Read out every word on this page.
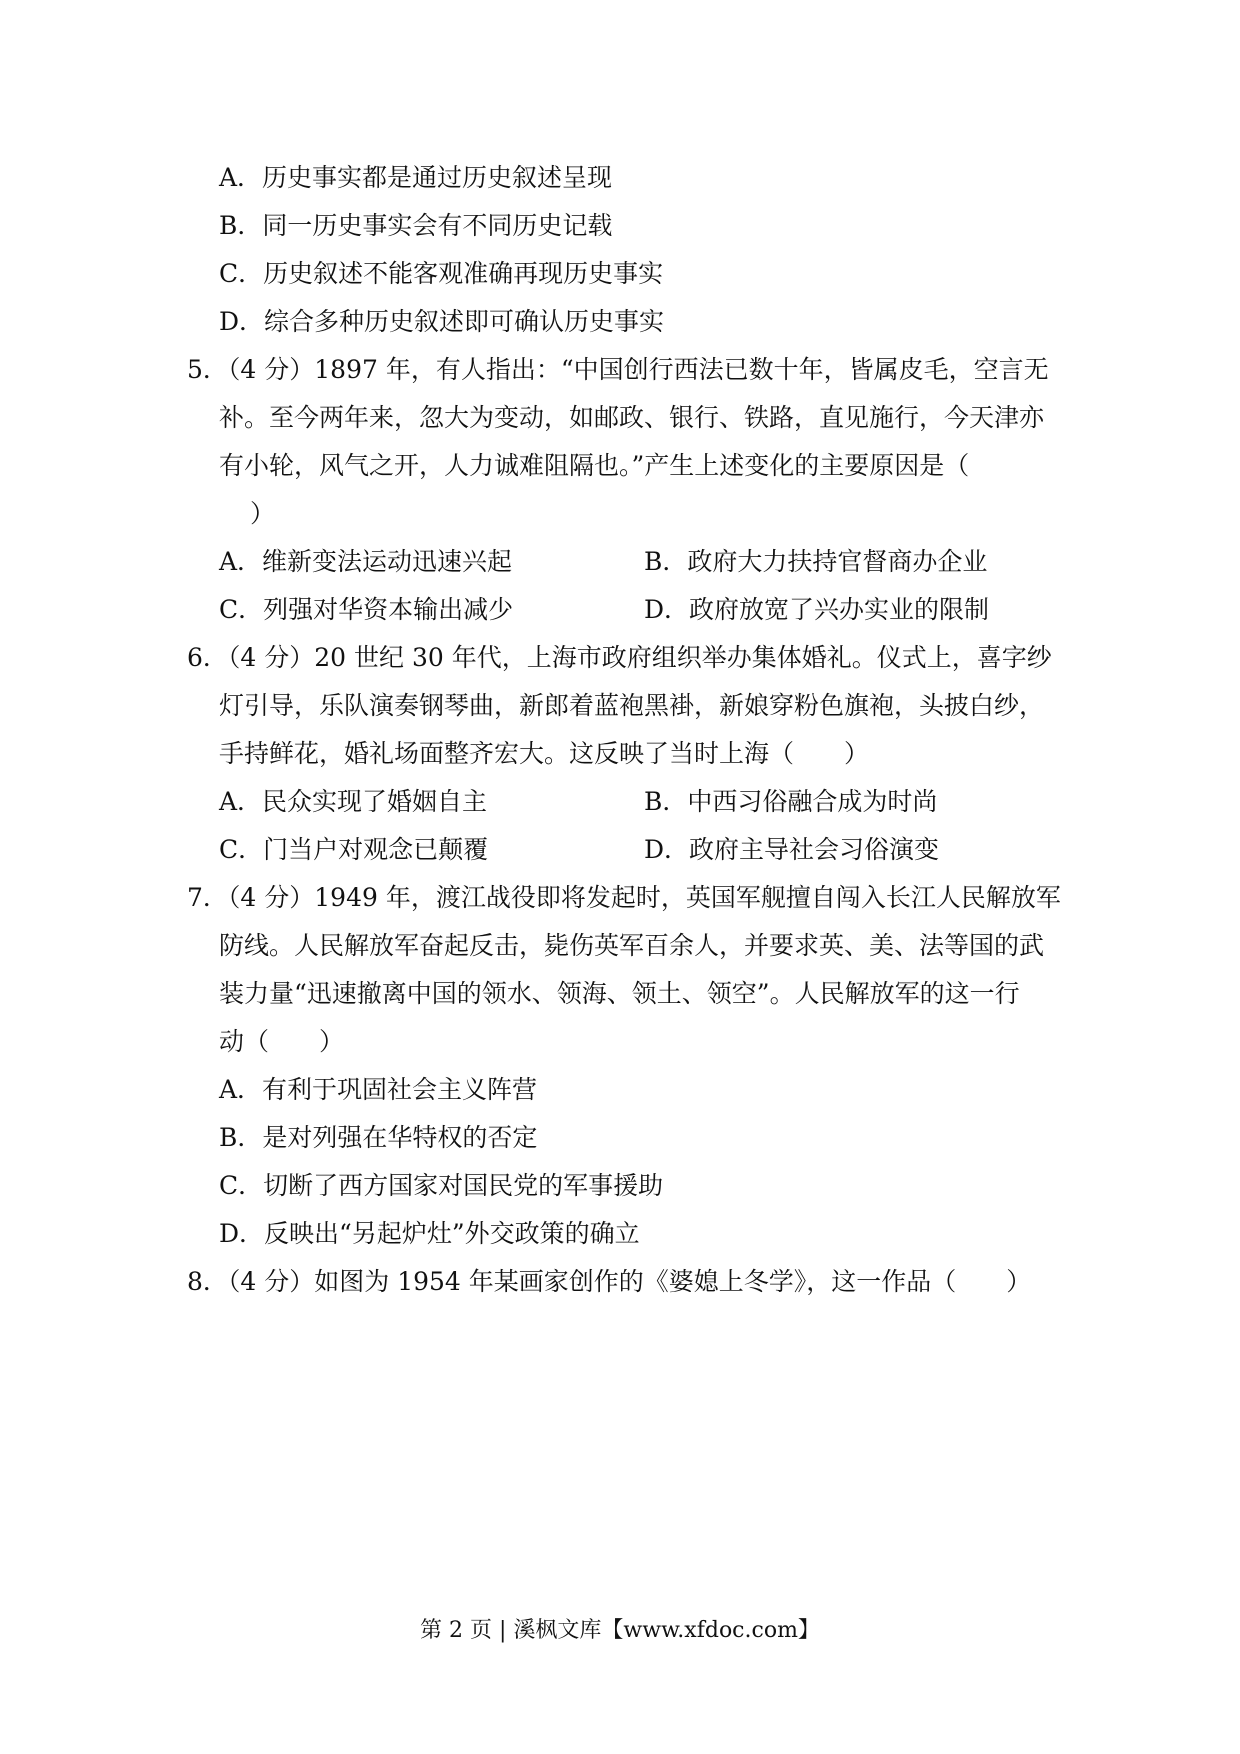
A．历史事实都是通过历史叙述呈现
B．同一历史事实会有不同历史记载
C．历史叙述不能客观准确再现历史事实
D．综合多种历史叙述即可确认历史事实
5．（4 分）1897 年，有人指出：“中国创行西法已数十年，皆属皮毛，空言无
补。至今两年来，忽大为变动，如邮政、银行、铁路，直见施行，今天津亦
有小轮，风气之开，人力诚难阻隔也。”产生上述变化的主要原因是（
）
A．维新变法运动迅速兴起	B．政府大力扶持官督商办企业
C．列强对华资本输出减少	D．政府放宽了兴办实业的限制
6．（4 分）20 世纪 30 年代，上海市政府组织举办集体婚礼。仪式上，喜字纱
灯引导，乐队演奏钢琴曲，新郎着蓝袍黑褂，新娘穿粉色旗袍，头披白纱，
手持鲜花，婚礼场面整齐宏大。这反映了当时上海（　　）
A．民众实现了婚姻自主	B．中西习俗融合成为时尚
C．门当户对观念已颠覆	D．政府主导社会习俗演变
7．（4 分）1949 年，渡江战役即将发起时，英国军舰擅自闯入长江人民解放军
防线。人民解放军奋起反击，毙伤英军百余人，并要求英、美、法等国的武
装力量“迅速撤离中国的领水、领海、领土、领空”。人民解放军的这一行
动（　　）
A．有利于巩固社会主义阵营
B．是对列强在华特权的否定
C．切断了西方国家对国民党的军事援助
D．反映出“另起炉灶”外交政策的确立
8．（4 分）如图为 1954 年某画家创作的《婆媳上冬学》，这一作品（　　）
第 2 页 | 溪枫文库【www.xfdoc.com】
